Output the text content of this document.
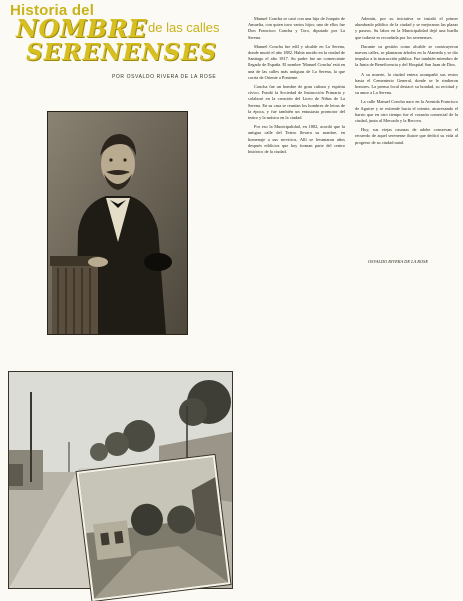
Historia del
NOMBRE de las calles
SERENENSES
POR OSVALDO RIVERA DE LA ROSE

Manuel Concha se casó con una hija de Joaquín de Amuelta, con quien tuvo varios hijos; uno de ellos fue Don Francisco Concha y Toro, diputado por La Serena.

Manuel Concha fue edil y alcalde en La Serena, donde murió el año 1882. Había nacido en la ciudad de Santiago el año 1817. Su padre fue un comerciante llegado de España. El nombre 'Manuel Concha' está en una de las calles más antiguas de La Serena, la que corría de Oriente a Poniente.

Concha fue un hombre de gran cultura y espíritu cívico. Fundó la Sociedad de Instrucción Primaria y colaboró en la creación del Liceo de Niñas de La Serena. En su casa se reunían los hombres de letras de la época, y fue también un entusiasta promotor del teatro y la música en la ciudad.

Por eso la Municipalidad, en 1882, acordó que la antigua calle del Teatro llevara su nombre, en homenaje a sus servicios. Allí se levantaron años después edificios que hoy forman parte del centro histórico de la ciudad.

Además, por su iniciativa se instaló el primer alumbrado público de la ciudad y se mejoraron las plazas y paseos. Su labor en la Municipalidad dejó una huella que todavía es recordada por los serenenses.

Durante su gestión como alcalde se construyeron nuevas calles, se plantaron árboles en la Alameda y se dio impulso a la instrucción pública. Fue también miembro de la Junta de Beneficencia y del Hospital San Juan de Dios.

A su muerte, la ciudad entera acompañó sus restos hasta el Cementerio General, donde se le rindieron honores. La prensa local destacó su bondad, su rectitud y su amor a La Serena.

La calle Manuel Concha nace en la Avenida Francisco de Aguirre y se extiende hacia el oriente, atravesando el barrio que en otro tiempo fue el corazón comercial de la ciudad, junto al Mercado y la Recova.

Hoy, sus viejas casonas de adobe conservan el recuerdo de aquel serenense ilustre que dedicó su vida al progreso de su ciudad natal.

OSVALDO RIVERA DE LA ROSE
